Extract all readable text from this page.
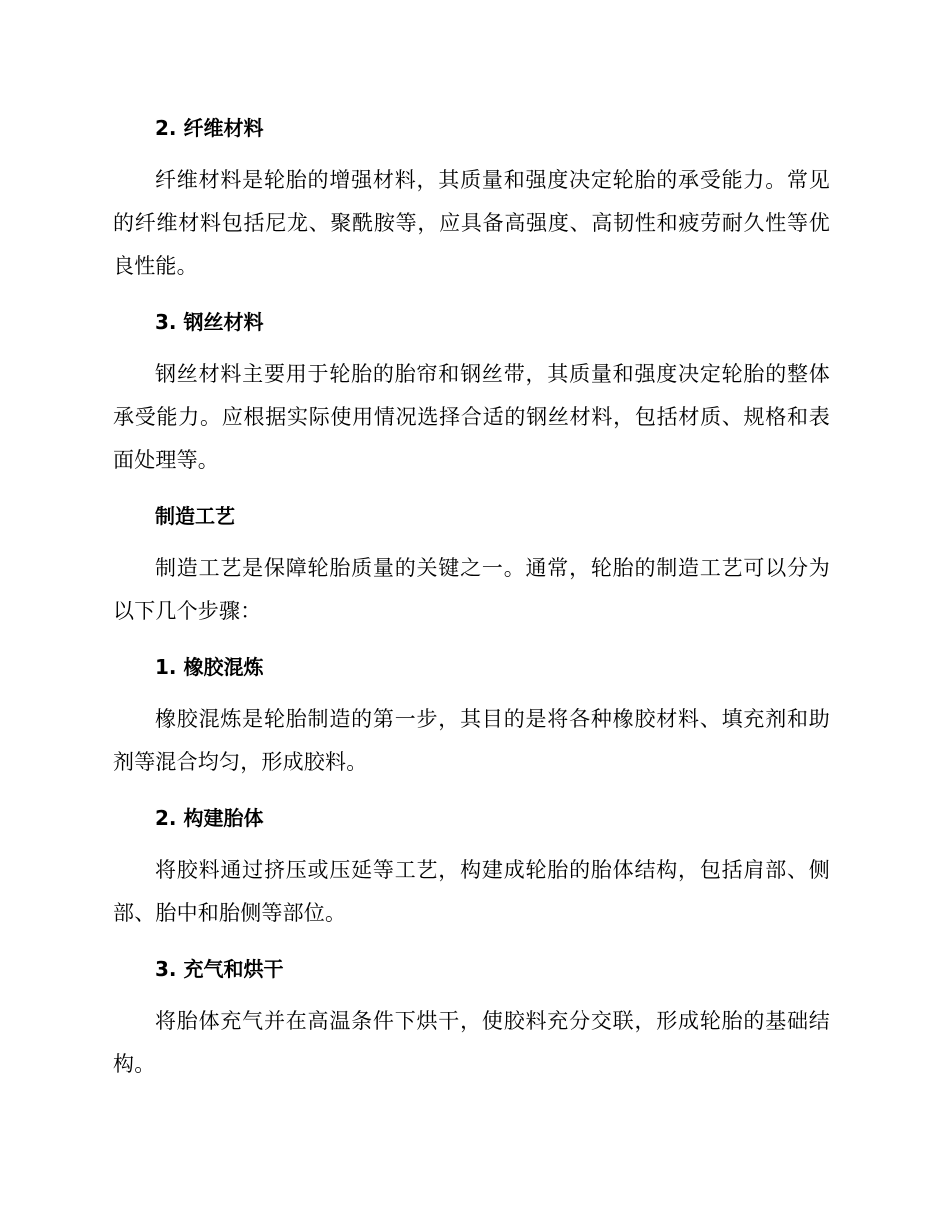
2. 纤维材料

纤维材料是轮胎的增强材料，其质量和强度决定轮胎的承受能力。常见的纤维材料包括尼龙、聚酰胺等，应具备高强度、高韧性和疲劳耐久性等优良性能。

3. 钢丝材料

钢丝材料主要用于轮胎的胎帘和钢丝带，其质量和强度决定轮胎的整体承受能力。应根据实际使用情况选择合适的钢丝材料，包括材质、规格和表面处理等。

制造工艺

制造工艺是保障轮胎质量的关键之一。通常，轮胎的制造工艺可以分为以下几个步骤：

1. 橡胶混炼

橡胶混炼是轮胎制造的第一步，其目的是将各种橡胶材料、填充剂和助剂等混合均匀，形成胶料。

2. 构建胎体

将胶料通过挤压或压延等工艺，构建成轮胎的胎体结构，包括肩部、侧部、胎中和胎侧等部位。

3. 充气和烘干

将胎体充气并在高温条件下烘干，使胶料充分交联，形成轮胎的基础结构。
